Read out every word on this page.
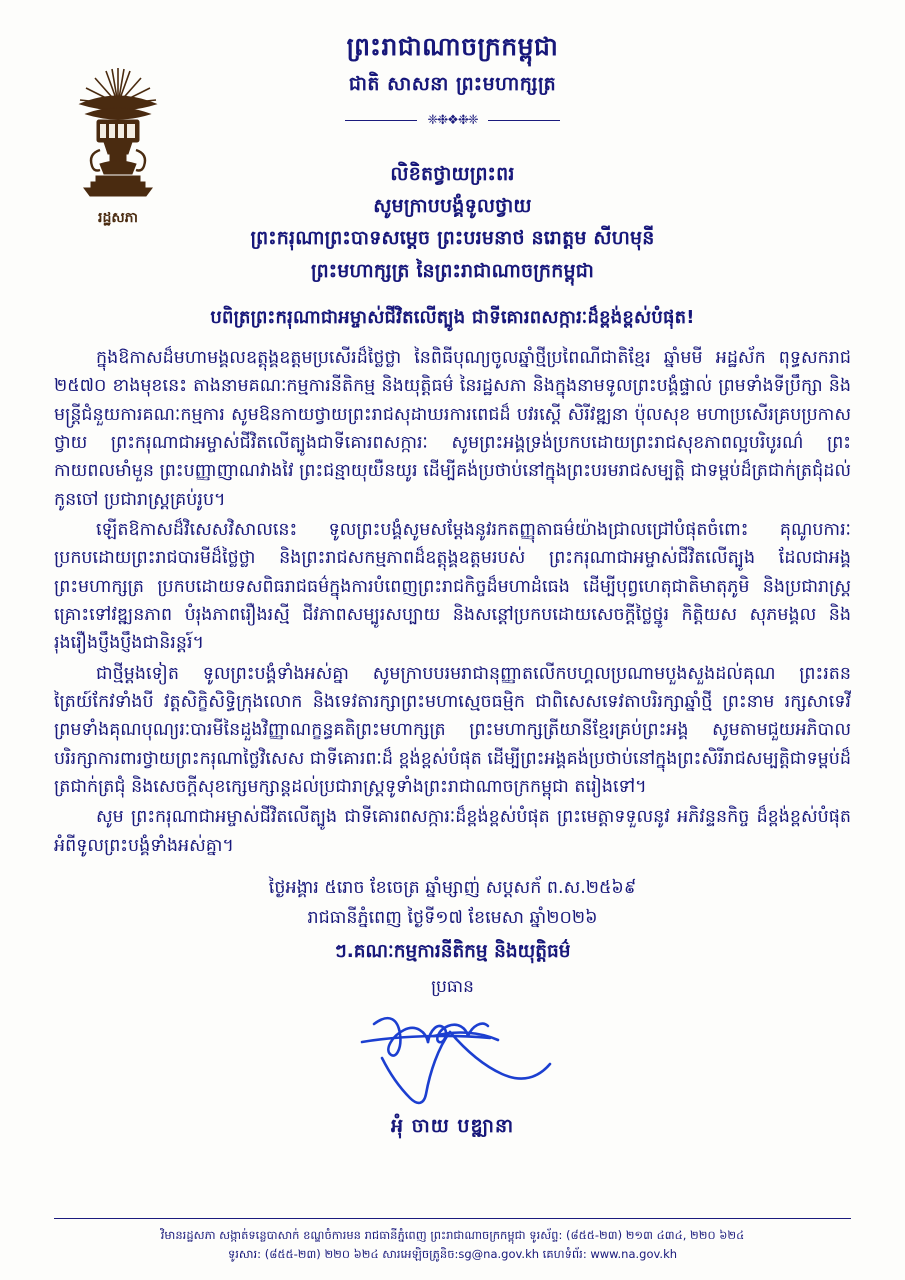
រដ្ឋសភា
ព្រះរាជាណាចក្រកម្ពុជា
ជាតិ សាសនា ព្រះមហាក្សត្រ
❈❉❖❉❈
លិខិតថ្វាយព្រះពរ
សូមក្រាបបង្គំទូលថ្វាយ
ព្រះករុណាព្រះបាទសម្តេច ព្រះបរមនាថ នរោត្តម សីហមុនី
ព្រះមហាក្សត្រ នៃព្រះរាជាណាចក្រកម្ពុជា
បពិត្រព្រះករុណាជាអម្ចាស់ជីវិតលើត្បូង ជាទីគោរពសក្ការៈដ៏ខ្ពង់ខ្ពស់បំផុត!

ក្នុងឱកាសដ៏មហាមង្គលឧត្តុង្គឧត្តមប្រសើរដ៏ថ្លៃថ្លា នៃពិធីបុណ្យចូលឆ្នាំថ្មីប្រពៃណីជាតិខ្មែរ ឆ្នាំមមី អដ្ឋស័ក ពុទ្ធសករាជ ២៥៧០ ខាងមុខនេះ តាងនាមគណៈកម្មការនីតិកម្ម និងយុត្តិធម៌ នៃរដ្ឋសភា និងក្នុងនាមទូលព្រះបង្គំផ្ទាល់ ព្រមទាំងទីប្រឹក្សា និងមន្ត្រីជំនួយការគណៈកម្មការ សូមឱនកាយថ្វាយព្រះរាជសុដាឃរការពេជដ៏ បវរស្តេី សិរីវឌ្ឍនា ប៉ុលសុខ មហាប្រសើរគ្របប្រកាសថ្វាយ ព្រះករុណាជាអម្ចាស់ជីវិតលើត្បូងជាទីគោរពសក្ការៈ សូមព្រះអង្គទ្រង់ប្រកបដោយព្រះរាជសុខភាពល្អបរិបូរណ៌ ព្រះកាយពលមាំមួន ព្រះបញ្ញាញាណវាងវៃ ព្រះជន្មាយុយឺនយូរ ដើម្បីគង់ប្រថាប់នៅក្នុងព្រះបរមរាជសម្បត្តិ ជាទម្ពប់ដ៏ត្រជាក់ត្រជុំដល់កូនចៅ ប្រជារាស្ត្រគ្រប់រូប។

ឡើតឱកាសដ៏វិសេសវិសាលនេះ ទូលព្រះបង្គំសូមសម្តែងនូវរកតញ្ញុតាធម៌យ៉ាងជ្រាលជ្រៅបំផុតចំពោះ គុណូបការៈប្រកបដោយព្រះរាជបារមីដ៏ថ្លៃថ្លា និងព្រះរាជសកម្មភាពដ៏ឧត្តុង្គឧត្តមរបស់ ព្រះករុណាជាអម្ចាស់ជីវិតលើត្បូង ដែលជាអង្គព្រះមហាក្សត្រ ប្រកបដោយទសពិធរាជធម៌ក្នុងការបំពេញព្រះរាជកិច្ចដ៏មហាដំធេង ដើម្បីបុព្វហេតុជាតិមាតុភូមិ និងប្រជារាស្ត្រគ្រោះទៅវឌ្ឍនភាព បំរុងភាពរឿងរស្មី ជីវភាពសម្បូរសប្បាយ និងសន្តៅប្រកបដោយសេចក្តីថ្លៃថ្នូរ កិត្តិយស សុភមង្គល និងរុងរឿងប្ញឹងប្ញឹងជានិរន្តរ៍។

ជាថ្មីម្តងទៀត ទូលព្រះបង្គំទាំងអស់គ្នា សូមក្រាបបរមរាជានុញ្ញាតលើកបហ្គលប្រណាមបួងសួងដល់គុណ ព្រះរតនត្រៃយ៍កែវទាំងបី វត្តសិក្ខិសិទ្ធិក្រុងលោក និងទេវតារក្សាព្រះមហាស្មេចធម្មិក ជាពិសេសទេវតាបរិរក្សាឆ្នាំថ្មី ព្រះនាម រក្សសាទេវី ព្រមទាំងគុណបុណ្យរៈបារមីនៃដួងវិញ្ញាណក្ខន្ធគតិព្រះមហាក្សត្រ ព្រះមហាក្សត្រីយានីខ្មែរគ្រប់ព្រះអង្គ សូមតាមជួយអភិបាល បរិរក្សាការពារថ្វាយព្រះករុណាថ្លៃវិសេស ជាទីគោរពៈដ៏ ខ្ពង់ខ្ពស់បំផុត ដើម្បីព្រះអង្គគង់ប្រថាប់នៅក្នុងព្រះសិរីរាជសម្បត្តិជាទម្ពប់ដ៏ត្រជាក់ត្រជុំ និងសេចក្តីសុខក្សេមក្សាន្តដល់ប្រជារាស្ត្រទូទាំងព្រះរាជាណាចក្រកម្ពុជា តរៀងទៅ។

សូម ព្រះករុណាជាអម្ចាស់ជីវិតលើត្បូង ជាទីគោរពសក្ការៈដ៏ខ្ពង់ខ្ពស់បំផុត ព្រះមេត្តាទទួលនូវ អភិវន្ទនកិច្ច ដ៏ខ្ពង់ខ្ពស់បំផុតអំពីទូលព្រះបង្គំទាំងអស់គ្នា។

ថ្ងៃអង្គារ ៥រោច ខែចេត្រ ឆ្នាំម្សាញ់ សប្តសក័ ព.ស.២៥៦៩
រាជធានីភ្នំពេញ ថ្ងៃទី១៧ ខែមេសា ឆ្នាំ២០២៦
ៗ.គណៈកម្មការនីតិកម្ម និងយុត្តិធម៌
ប្រធាន
អុំ ចាយ បឌ្ឍានា
វិមានរដ្ឋសភា សង្កាត់ទន្លេបាសាក់ ខណ្ឌចំការមន រាជធានីភ្នំពេញ ព្រះរាជាណាចក្រកម្ពុជា ទូរស័ព្ទ: (៨៥៥-២៣) ២១៣ ៤៣៤, ២២០ ៦២៤
ទូរសារ: (៨៥៥-២៣) ២២០ ៦២៤ សារអេឡិចត្រូនិច:sg@na.gov.kh គេហទំព័រ: www.na.gov.kh
